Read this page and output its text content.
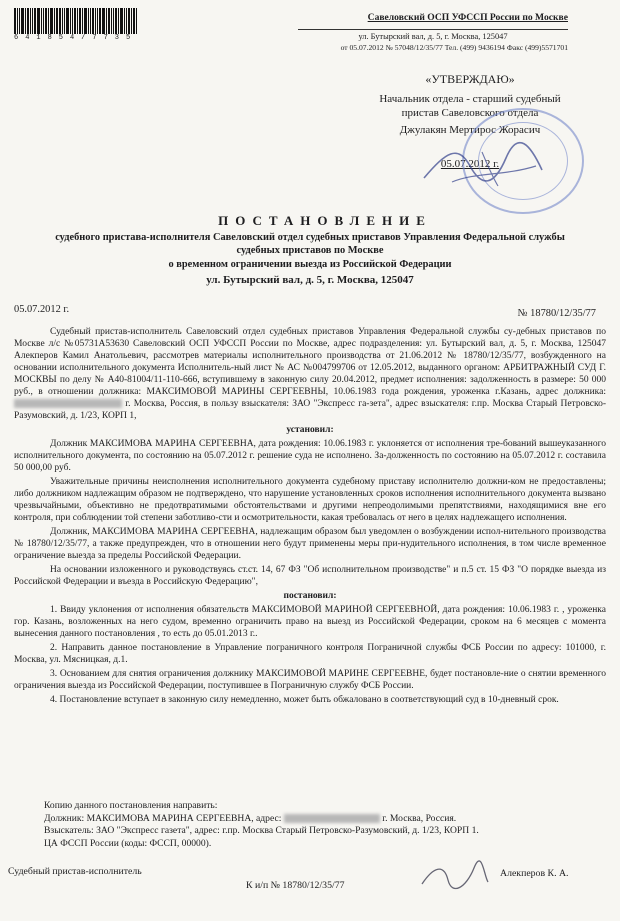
6 4 1 8 5 4 / 7 7 3 5
Савеловский ОСП УФССП России по Москве
ул. Бутырский вал, д. 5, г. Москва, 125047
от 05.07.2012 № 57048/12/35/77 Тел. (499) 9436194 Факс (499)5571701
«УТВЕРЖДАЮ»
Начальник отдела - старший судебный
пристав Савеловского отдела
Джулакян Мертирос Жорасич
05.07.2012 г.
ПОСТАНОВЛЕНИЕ
судебного пристава-исполнителя Савеловский отдел судебных приставов Управления Федеральной службы
судебных приставов по Москве
о временном ограничении выезда из Российской Федерации
ул. Бутырский вал, д. 5, г. Москва, 125047
05.07.2012 г.	№ 18780/12/35/77

Судебный пристав-исполнитель Савеловский отдел судебных приставов Управления Федеральной службы су-дебных приставов по Москве л/с №05731А53630 Савеловский ОСП УФССП России по Москве, адрес подразделения: ул. Бутырский вал, д. 5, г. Москва, 125047 Алекперов Камил Анатольевич, рассмотрев материалы исполнительного производства от 21.06.2012 № 18780/12/35/77, возбужденного на основании исполнительного документа Исполнитель-ный лист № АС №004799706 от 12.05.2012, выданного органом: АРБИТРАЖНЫЙ СУД Г. МОСКВЫ по делу № А40-81004/11-110-666, вступившему в законную силу 20.04.2012, предмет исполнения: задолженность в размере: 50 000 руб., в отношении должника: МАКСИМОВОЙ МАРИНЫ СЕРГЕЕВНЫ, 10.06.1983 года рождения, уроженка г.Казань, адрес должника:  г. Москва, Россия, в пользу взыскателя: ЗАО "Экспресс га-зета", адрес взыскателя: г.пр. Москва Старый Петровско-Разумовский, д. 1/23, КОРП 1,

установил:

Должник МАКСИМОВА МАРИНА СЕРГЕЕВНА, дата рождения: 10.06.1983 г. уклоняется от исполнения тре-бований вышеуказанного исполнительного документа, по состоянию на 05.07.2012 г. решение суда не исполнено. За-долженность по состоянию на 05.07.2012 г. составила 50 000,00 руб.

Уважительные причины неисполнения исполнительного документа судебному приставу исполнителю должни-ком не предоставлены; либо должником надлежащим образом не подтверждено, что нарушение установленных сроков исполнения исполнительного документа вызвано чрезвычайными, объективно не предотвратимыми обстоятельствами и другими непреодолимыми препятствиями, находящимися вне его контроля, при соблюдении той степени заботливо-сти и осмотрительности, какая требовалась от него в целях надлежащего исполнения.

Должник, МАКСИМОВА МАРИНА СЕРГЕЕВНА, надлежащим образом был уведомлен о возбуждении испол-нительного производства № 18780/12/35/77, а также предупрежден, что в отношении него будут применены меры при-нудительного исполнения, в том числе временное ограничение выезда за пределы Российской Федерации.

На основании изложенного и руководствуясь ст.ст. 14, 67 ФЗ "Об исполнительном производстве" и п.5 ст. 15 ФЗ "О порядке выезда из Российской Федерации и въезда в Российскую Федерацию",

постановил:

1. Ввиду уклонения от исполнения обязательств МАКСИМОВОЙ МАРИНОЙ СЕРГЕЕВНОЙ, дата рождения: 10.06.1983 г. , уроженка гор. Казань, возложенных на него судом, временно ограничить право на выезд из Российской Федерации, сроком на 6 месяцев с момента вынесения данного постановления , то есть до 05.01.2013 г..

2. Направить данное постановление в Управление пограничного контроля Пограничной службы ФСБ России по адресу: 101000, г. Москва, ул. Мясницкая, д.1.

3. Основанием для снятия ограничения должнику МАКСИМОВОЙ МАРИНЕ СЕРГЕЕВНЕ, будет постановле-ние о снятии временного ограничения выезда из Российской Федерации, поступившее в Пограничную службу ФСБ России.

4. Постановление вступает в законную силу немедленно, может быть обжаловано в соответствующий суд в 10-дневный срок.

Копию данного постановления направить:
Должник: МАКСИМОВА МАРИНА СЕРГЕЕВНА, адрес:	г. Москва, Россия.
Взыскатель: ЗАО "Экспресс газета", адрес: г.пр. Москва Старый Петровско-Разумовский, д. 1/23, КОРП 1.
ЦА ФССП России (коды: ФССП, 00000).
Судебный пристав-исполнитель	Алекперов К. А.
К и/п № 18780/12/35/77
